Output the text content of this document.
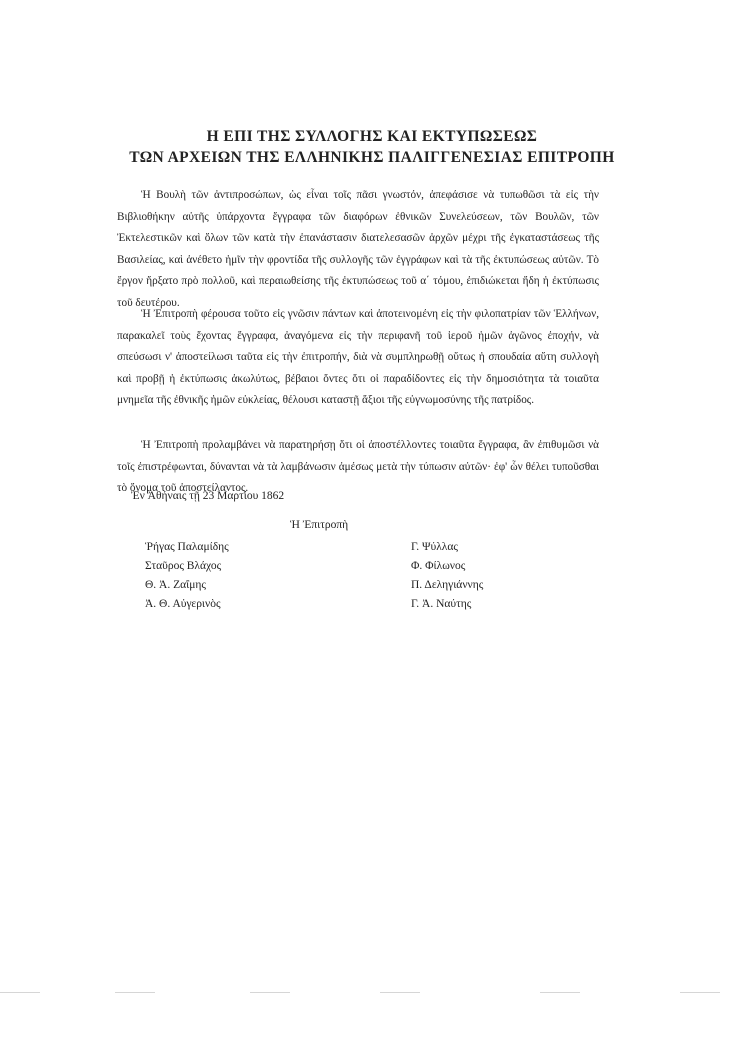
Η ΕΠΙ ΤΗΣ ΣΥΛΛΟΓΗΣ ΚΑΙ ΕΚΤΥΠΩΣΕΩΣ
ΤΩΝ ΑΡΧΕΙΩΝ ΤΗΣ ΕΛΛΗΝΙΚΗΣ ΠΑΛΙΓΓΕΝΕΣΙΑΣ ΕΠΙΤΡΟΠΗ

Ἡ Βουλὴ τῶν ἀντιπροσώπων, ὡς εἶναι τοῖς πᾶσι γνωστόν, ἀπεφάσισε νὰ τυπωθῶσι τὰ εἰς τὴν Βιβλιοθήκην αὐτῆς ὑπάρχοντα ἔγγραφα τῶν διαφόρων ἐθνικῶν Συνελεύσεων, τῶν Βουλῶν, τῶν Ἐκτελεστικῶν καὶ ὅλων τῶν κατὰ τὴν ἐπανάστασιν διατελεσασῶν ἀρχῶν μέχρι τῆς ἐγκαταστάσεως τῆς Βασιλείας, καὶ ἀνέθετο ἡμῖν τὴν φροντίδα τῆς συλλογῆς τῶν ἐγγράφων καὶ τὰ τῆς ἐκτυπώσεως αὐτῶν. Τὸ ἔργον ἤρξατο πρὸ πολλοῦ, καὶ περαιωθείσης τῆς ἐκτυπώσεως τοῦ α΄ τόμου, ἐπιδιώκεται ἤδη ἡ ἐκτύπωσις τοῦ δευτέρου.

Ἡ Ἐπιτροπὴ φέρουσα τοῦτο εἰς γνῶσιν πάντων καὶ ἀποτεινομένη εἰς τὴν φιλοπατρίαν τῶν Ἑλλήνων, παρακαλεῖ τοὺς ἔχοντας ἔγγραφα, ἀναγόμενα εἰς τὴν περιφανῆ τοῦ ἱεροῦ ἡμῶν ἀγῶνος ἐποχήν, νὰ σπεύσωσι ν' ἀποστείλωσι ταῦτα εἰς τὴν ἐπιτροπήν, διὰ νὰ συμπληρωθῇ οὕτως ἡ σπουδαία αὕτη συλλογὴ καὶ προβῇ ἡ ἐκτύπωσις ἀκωλύτως, βέβαιοι ὄντες ὅτι οἱ παραδίδοντες εἰς τὴν δημοσιότητα τὰ τοιαῦτα μνημεῖα τῆς ἐθνικῆς ἡμῶν εὐκλείας, θέλουσι καταστῇ ἄξιοι τῆς εὐγνωμοσύνης τῆς πατρίδος.

Ἡ Ἐπιτροπὴ προλαμβάνει νὰ παρατηρήσῃ ὅτι οἱ ἀποστέλλοντες τοιαῦτα ἔγγραφα, ἂν ἐπιθυμῶσι νὰ τοῖς ἐπιστρέφωνται, δύνανται νὰ τὰ λαμβάνωσιν ἀμέσως μετὰ τὴν τύπωσιν αὐτῶν· ἐφ' ὧν θέλει τυποῦσθαι τὸ ὄνομα τοῦ ἀποστείλαντος.

Ἐν Ἀθήναις τῇ 23 Μαρτίου 1862
Ἡ Ἐπιτροπὴ
Ῥήγας Παλαμίδης
Σταῦρος Βλάχος
Θ. Ἀ. Ζαΐμης
Ἀ. Θ. Αὐγερινὸς
Γ. Ψύλλας
Φ. Φίλωνος
Π. Δεληγιάννης
Γ. Ἀ. Ναύτης
